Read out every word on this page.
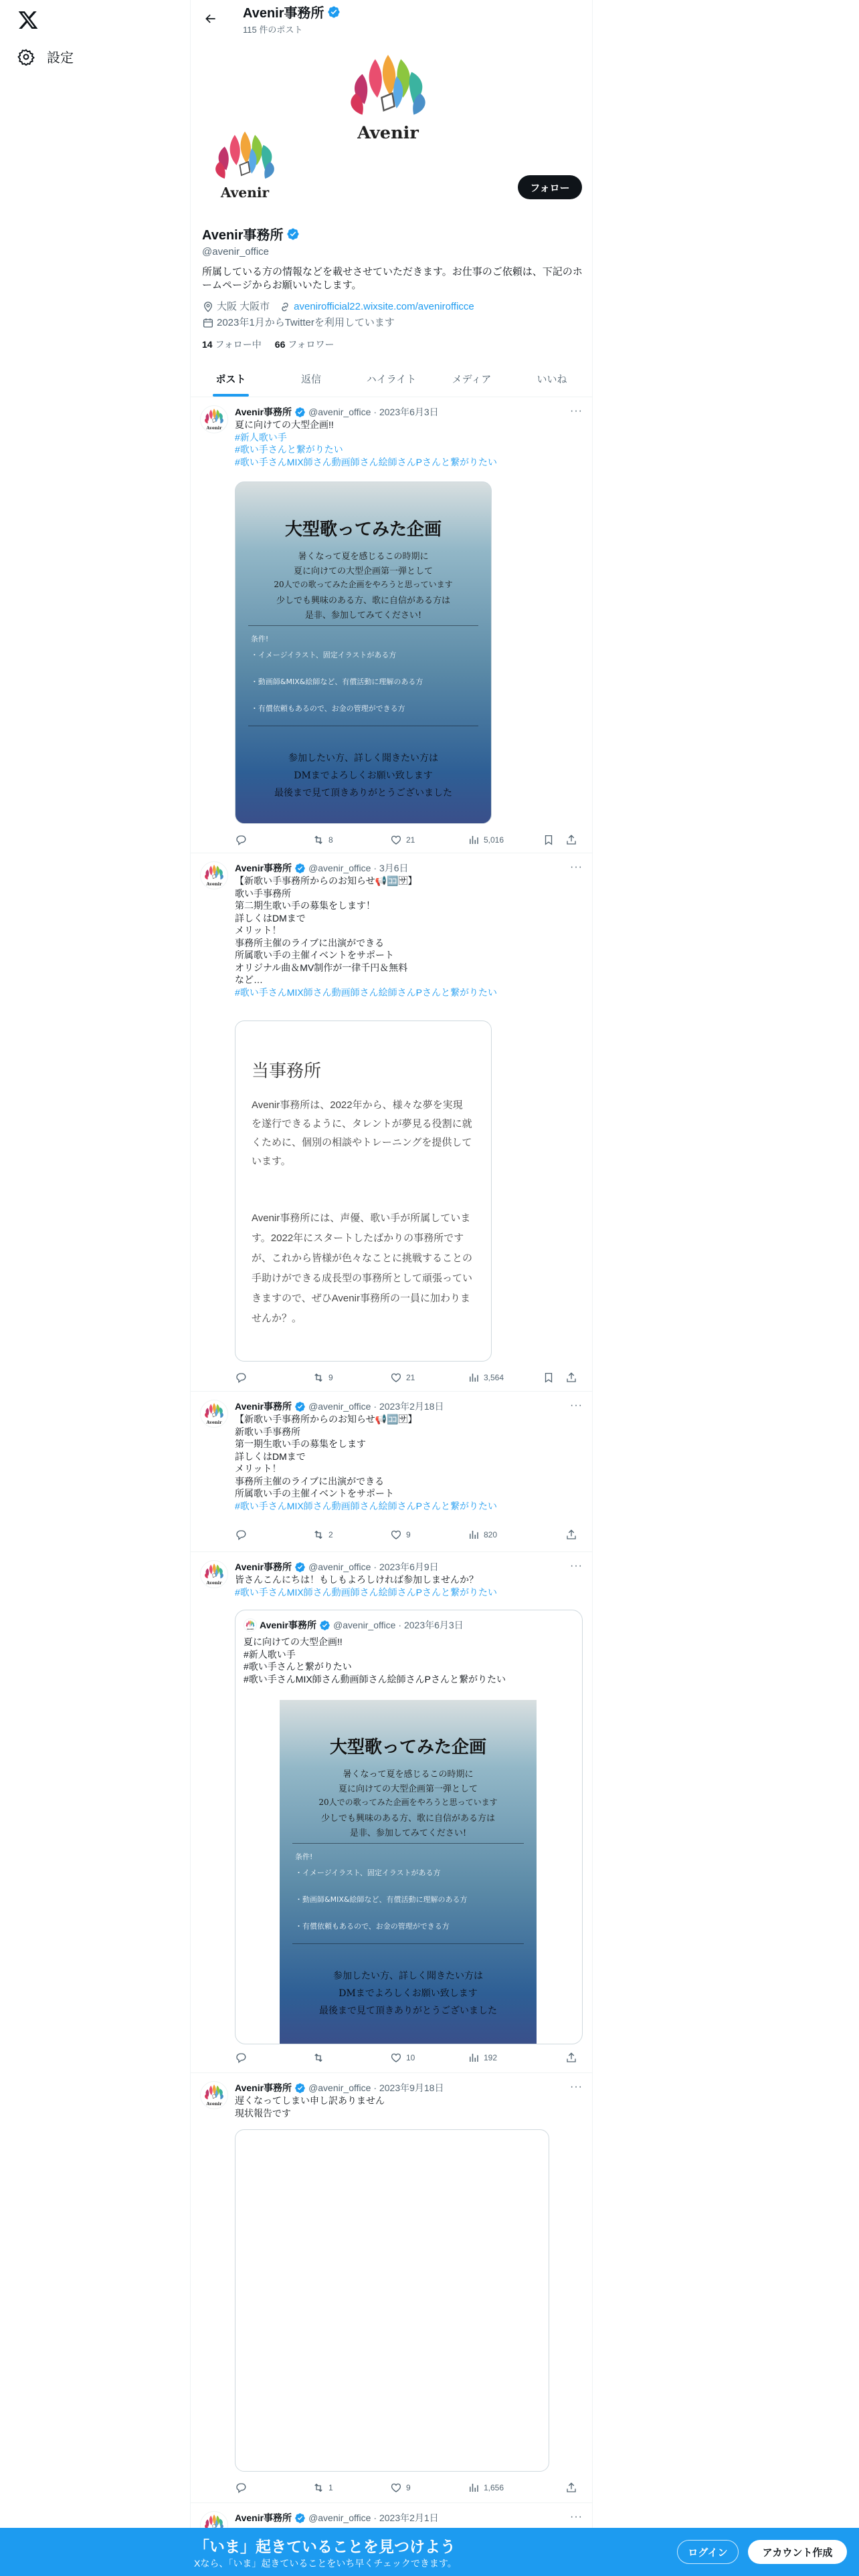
設定
Avenir事務所
115 件のポスト
フォロー
Avenir事務所
@avenir_office
所属している方の情報などを載せさせていただきます。お仕事のご依頼は、下記のホームページからお願いいたします。
大阪 大阪市 avenirofficial22.wixsite.com/avenirofficce
2023年1月からTwitterを利用しています
14 フォロー中 66 フォロワー
ポスト	返信	ハイライト	メディア	いいね
···
Avenir事務所 @avenir_office · 2023年6月3日
夏に向けての大型企画!!
#新人歌い手
#歌い手さんと繋がりたい
#歌い手さんMIX師さん動画師さん絵師さんPさんと繋がりたい
大型歌ってみた企画
暑くなって夏を感じるこの時期に
夏に向けての大型企画第一弾として
20人での歌ってみた企画をやろうと思っています
少しでも興味のある方、歌に自信がある方は
是非、参加してみてください!
条件!
・イメージイラスト、固定イラストがある方
・動画師&MIX&絵師など、有償活動に理解のある方
・有償依頼もあるので、お金の管理ができる方
参加したい方、詳しく聞きたい方は
DMまでよろしくお願い致します
最後まで見て頂きありがとうございました
8	21	5,016
···
Avenir事務所 @avenir_office · 3月6日
【新歌い手事務所からのお知らせ📢🈁🈂】
歌い手事務所
第二期生歌い手の募集をします！
詳しくはDMまで
メリット！
事務所主催のライブに出演ができる
所属歌い手の主催イベントをサポート
オリジナル曲＆MV制作が一律千円＆無料
など…
#歌い手さんMIX師さん動画師さん絵師さんPさんと繋がりたい
当事務所
Avenir事務所は、2022年から、様々な夢を実現を遂行できるように、タレントが夢見る役割に就くために、個別の相談やトレーニングを提供しています。
Avenir事務所には、声優、歌い手が所属しています。2022年にスタートしたばかりの事務所ですが、これから皆様が色々なことに挑戦することの手助けができる成長型の事務所として頑張っていきますので、ぜひAvenir事務所の一員に加わりませんか？。
9	21	3,564
···
Avenir事務所 @avenir_office · 2023年2月18日
【新歌い手事務所からのお知らせ📢🈁🈂】
新歌い手事務所
第一期生歌い手の募集をします
詳しくはDMまで
メリット！
事務所主催のライブに出演ができる
所属歌い手の主催イベントをサポート
#歌い手さんMIX師さん動画師さん絵師さんPさんと繋がりたい
2	9	820
···
Avenir事務所 @avenir_office · 2023年6月9日
皆さんこんにちは！もしもよろしければ参加しませんか？
#歌い手さんMIX師さん動画師さん絵師さんPさんと繋がりたい
Avenir事務所 @avenir_office · 2023年6月3日
夏に向けての大型企画!!
#新人歌い手
#歌い手さんと繋がりたい
#歌い手さんMIX師さん動画師さん絵師さんPさんと繋がりたい
大型歌ってみた企画
暑くなって夏を感じるこの時期に
夏に向けての大型企画第一弾として
20人での歌ってみた企画をやろうと思っています
少しでも興味のある方、歌に自信がある方は
是非、参加してみてください!
条件!
・イメージイラスト、固定イラストがある方
・動画師&MIX&絵師など、有償活動に理解のある方
・有償依頼もあるので、お金の管理ができる方
参加したい方、詳しく聞きたい方は
DMまでよろしくお願い致します
最後まで見て頂きありがとうございました
10	192
···
Avenir事務所 @avenir_office · 2023年9月18日
遅くなってしまい申し訳ありません
現状報告です
1	9	1,656
···
Avenir事務所 @avenir_office · 2023年2月1日
「いま」起きていることを見つけよう
Xなら、「いま」起きていることをいち早くチェックできます。
ログイン	アカウント作成
